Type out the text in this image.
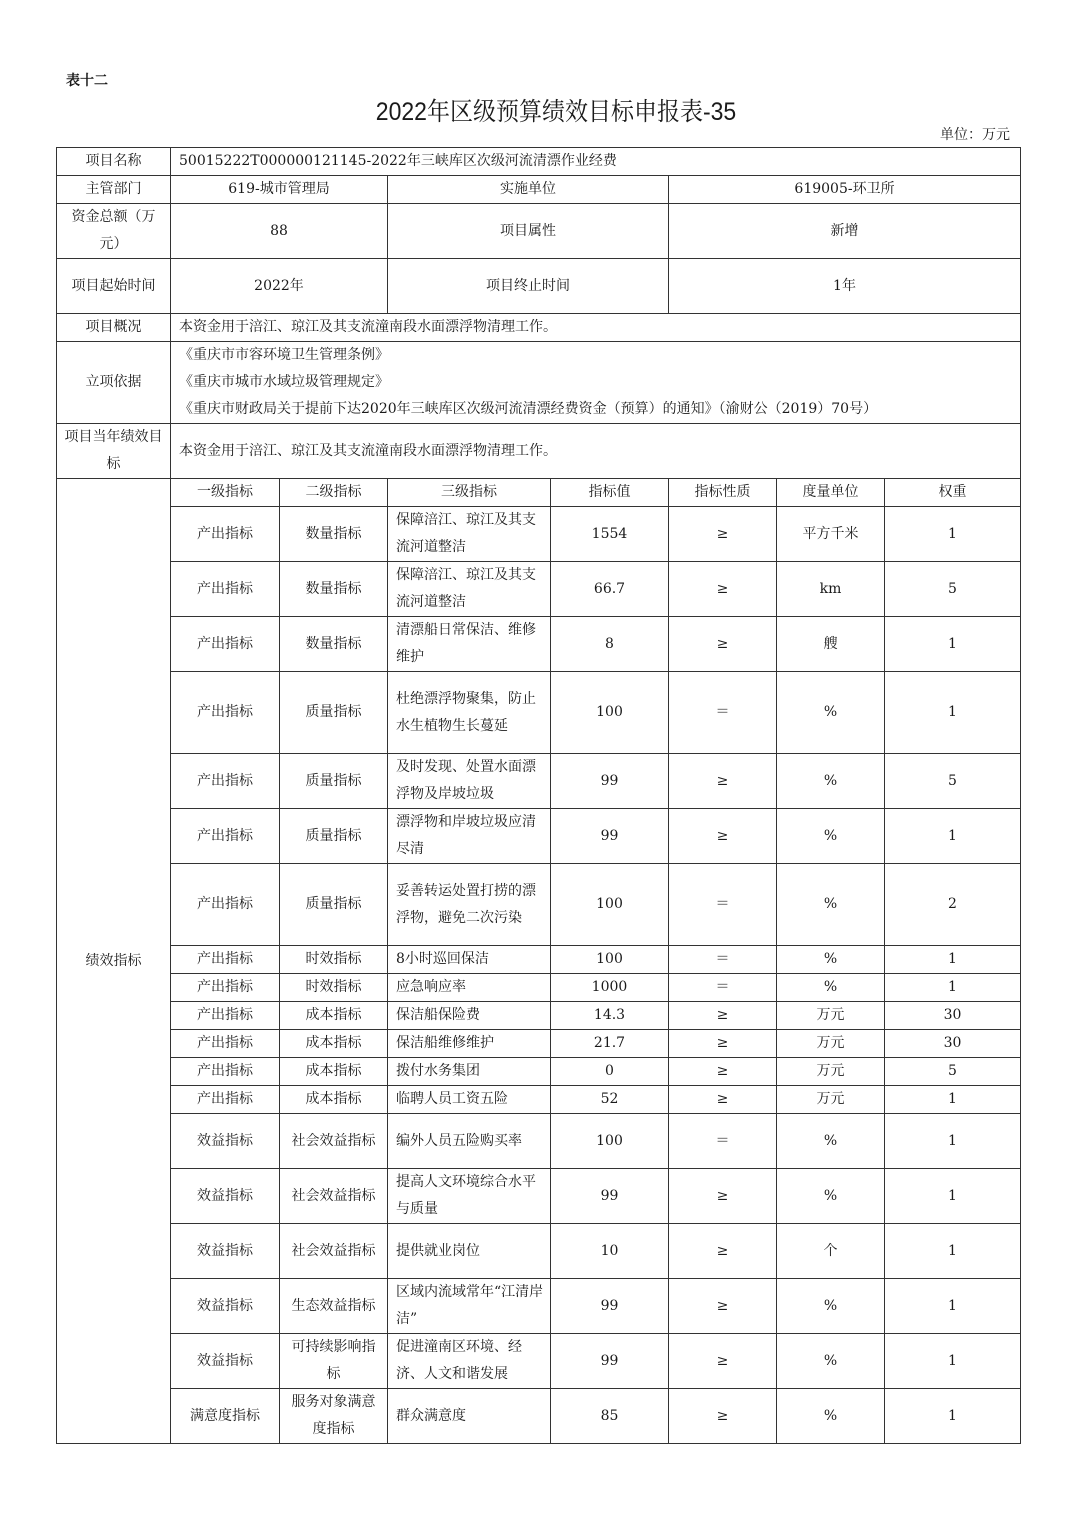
表十二
2022年区级预算绩效目标申报表-35
单位：万元
项目名称	50015222T000000121145-2022年三峡库区次级河流清漂作业经费						
主管部门	619-城市管理局		实施单位		619005-环卫所		
资金总额（万元）	88		项目属性		新增		
项目起始时间	2022年		项目终止时间		1年		
项目概况	本资金用于涪江、琼江及其支流潼南段水面漂浮物清理工作。						
立项依据	《重庆市市容环境卫生管理条例》
《重庆市城市水域垃圾管理规定》
《重庆市财政局关于提前下达2020年三峡库区次级河流清漂经费资金（预算）的通知》（渝财公（2019）70号）						

项目当年绩效目标	本资金用于涪江、琼江及其支流潼南段水面漂浮物清理工作。						
绩效指标	一级指标	二级指标	三级指标	指标值	指标性质	度量单位	权重
	产出指标	数量指标	保障涪江、琼江及其支流河道整洁	1554	≥	平方千米	1
	产出指标	数量指标	保障涪江、琼江及其支流河道整洁	66.7	≥	km	5
	产出指标	数量指标	清漂船日常保洁、维修维护	8	≥	艘	1
	产出指标	质量指标	杜绝漂浮物聚集，防止水生植物生长蔓延	100	＝	%	1
	产出指标	质量指标	及时发现、处置水面漂浮物及岸坡垃圾	99	≥	%	5
	产出指标	质量指标	漂浮物和岸坡垃圾应清尽清	99	≥	%	1
	产出指标	质量指标	妥善转运处置打捞的漂浮物，避免二次污染	100	＝	%	2
	产出指标	时效指标	8小时巡回保洁	100	＝	%	1
	产出指标	时效指标	应急响应率	1000	＝	%	1
	产出指标	成本指标	保洁船保险费	14.3	≥	万元	30
	产出指标	成本指标	保洁船维修维护	21.7	≥	万元	30
	产出指标	成本指标	拨付水务集团	0	≥	万元	5
	产出指标	成本指标	临聘人员工资五险	52	≥	万元	1
	效益指标	社会效益指标	编外人员五险购买率	100	＝	%	1
	效益指标	社会效益指标	提高人文环境综合水平与质量	99	≥	%	1
	效益指标	社会效益指标	提供就业岗位	10	≥	个	1
	效益指标	生态效益指标	区域内流域常年“江清岸洁”	99	≥	%	1
	效益指标	可持续影响指标	促进潼南区环境、经济、人文和谐发展	99	≥	%	1
	满意度指标	服务对象满意度指标	群众满意度	85	≥	%	1
